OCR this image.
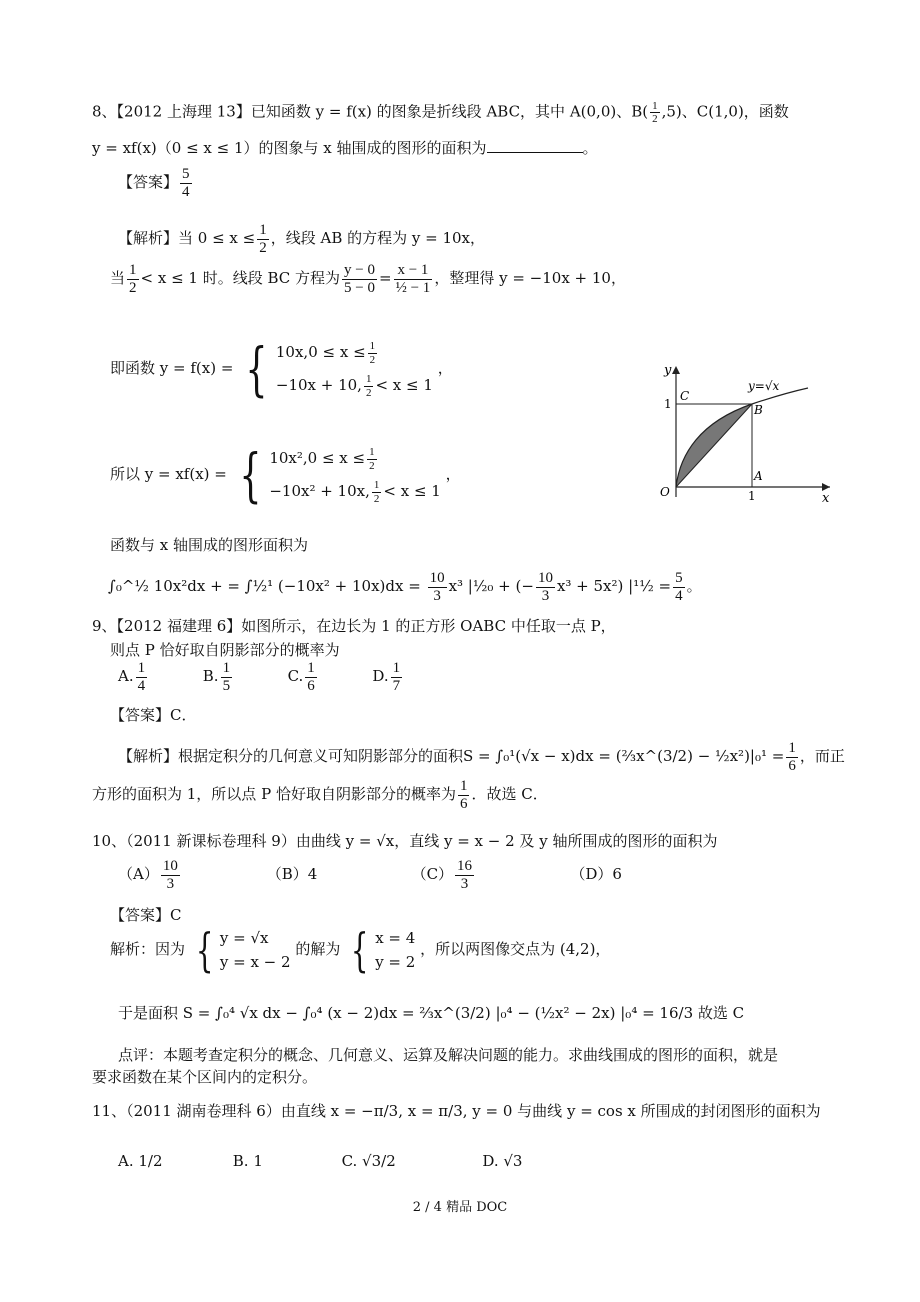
8、【2012 上海理 13】已知函数 y = f(x) 的图象是折线段 ABC，其中 A(0,0)、$B( \frac{1}{2} ,5)$、C(1,0)，函数
y = xf(x)（0 ≤ x ≤ 1）的图象与 x 轴围成的图形的面积为	。
【答案】 $\frac{5}{4}$
【解析】当 $0 \le x \le \frac{1}{2}$ ，线段 AB 的方程为 y = 10x，
当 $\frac{1}{2} < x \le 1$ 时。线段 BC 方程为 $\frac{y - 0}{5 - 0} = \frac{x - 1}{\text{½ − 1}}$ ，整理得 y = −10x + 10，
即函数 y = f(x) = { $10x,0 \le x \le \frac{1}{2}$
−10x + 10, $\frac{1}{2} < x \le 1$
，
所以 y = xf(x) = { $10x^2,0 \le x \le \frac{1}{2}$
−10x² + 10x, $\frac{1}{2} < x \le 1$
，
函数与 x 轴围成的图形面积为
∫₀^½ 10x²dx + = ∫½¹ $(-10x^2 + 10x)dx = \frac{10}{3} x^3$ |½₀ + (− $\frac{10}{3} x^3 + 5x^2$) |¹½ = $\frac{5}{4}$ 。
y
x
C
B
A
O
1
1
y=√x
9、【2012 福建理 6】如图所示，在边长为 1 的正方形 OABC 中任取一点 P，
则点 P 恰好取自阴影部分的概率为
A. $\frac{1}{4}$	B. $\frac{1}{5}$	C. $\frac{1}{6}$	D. $\frac{1}{7}$
【答案】C．
【解析】根据定积分的几何意义可知阴影部分的面积S = ∫₀¹(√x − x)dx = (⅔x^(3/2) − ½x²)|₀¹ = $\frac{1}{6}$ ，而正
方形的面积为 1，所以点 P 恰好取自阴影部分的概率为 $\frac{1}{6}$ ．故选 C．
10、（2011 新课标卷理科 9）由曲线 y = √x，直线 y = x − 2 及 y 轴所围成的图形的面积为
$(A) \frac{10}{3}$	（B）4	$(C) \frac{16}{3}$	（D）6
【答案】C
解析：因为 { y = √x
y = x − 2
的解为 { x = 4
y = 2
，所以两图像交点为 (4,2)，
于是面积 S = ∫₀⁴ √x dx − ∫₀⁴ (x − 2)dx = ⅔x^(3/2) |₀⁴ − (½x² − 2x) |₀⁴ = 16/3 故选 C
点评：本题考查定积分的概念、几何意义、运算及解决问题的能力。求曲线围成的图形的面积，就是
要求函数在某个区间内的定积分。
11、（2011 湖南卷理科 6）由直线 x = −π/3, x = π/3, y = 0 与曲线 y = cos x 所围成的封闭图形的面积为
A. 1/2	B. 1	C. √3/2	D. √3
2 / 4 精品 DOC
